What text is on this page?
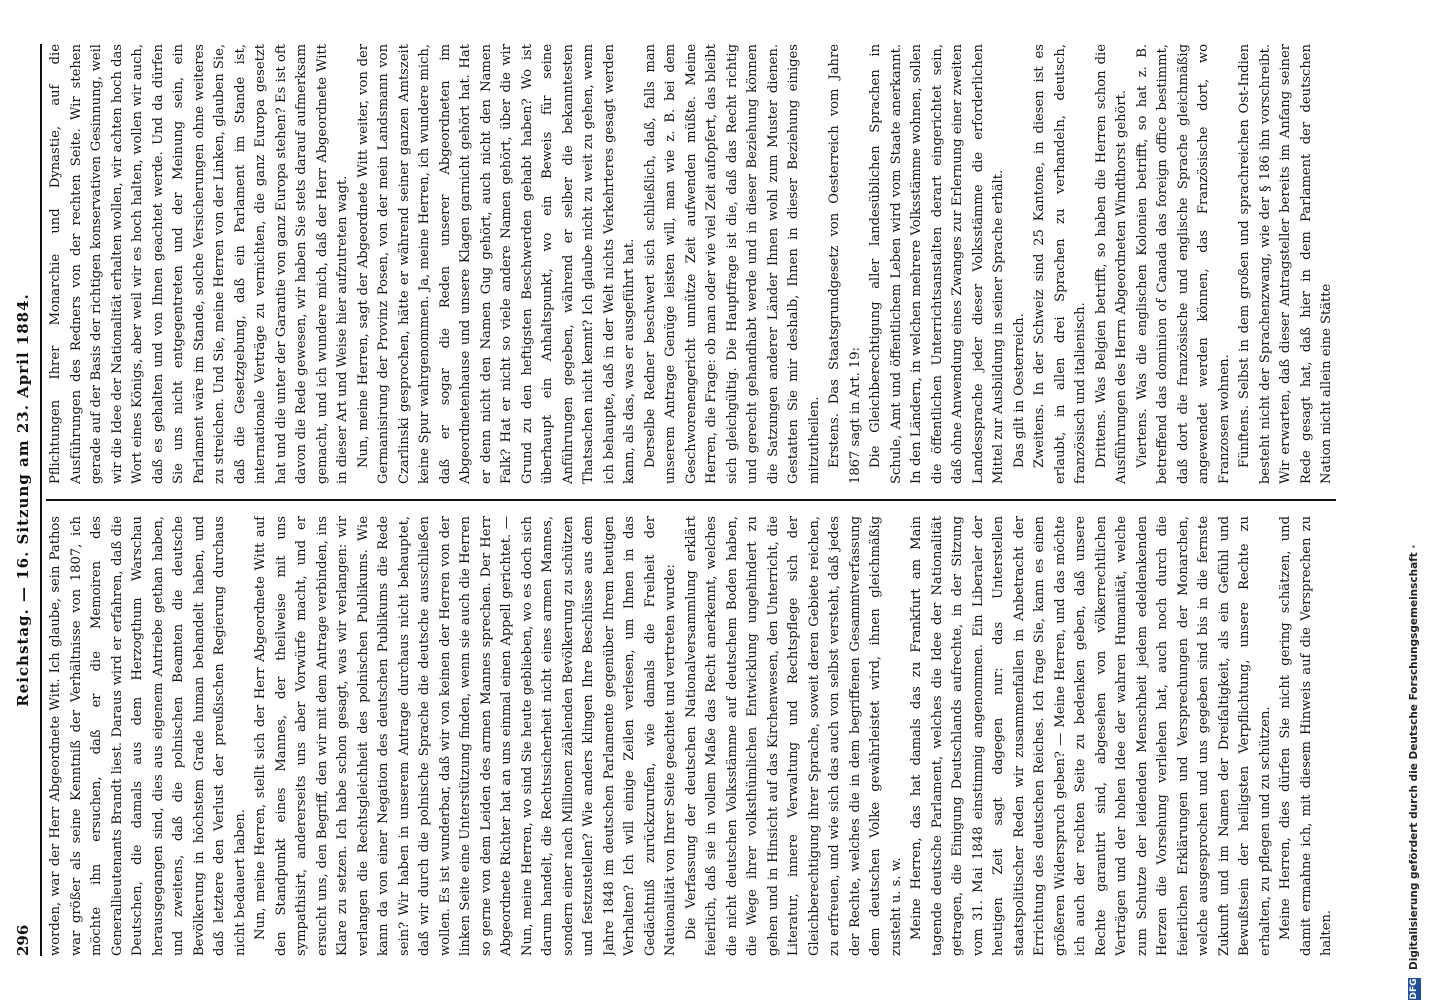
296
Reichstag. — 16. Sitzung am 23. April 1884.

worden, war der Herr Abgeordnete Witt. Ich glaube, sein Pathos war größer als seine Kenntniß der Verhältnisse von 1807, ich möchte ihn ersuchen, daß er die Memoiren des Generallieutenants Brandt liest. Daraus wird er erfahren, daß die Deutschen, die damals aus dem Herzogthum Warschau herausgegangen sind, dies aus eigenem Antriebe gethan haben, und zweitens, daß die polnischen Beamten die deutsche Bevölkerung in höchstem Grade human behandelt haben, und daß letztere den Verlust der preußischen Regierung durchaus nicht bedauert haben. Nun, meine Herren, stellt sich der Herr Abgeordnete Witt auf den Standpunkt eines Mannes, der theilweise mit uns sympathisirt, andererseits uns aber Vorwürfe macht, und er ersucht uns, den Begriff, den wir mit dem Antrage verbinden, ins Klare zu setzen. Ich habe schon gesagt, was wir verlangen: wir verlangen die Rechtsgleichheit des polnischen Publikums. Wie kann da von einer Negation des deutschen Publikums die Rede sein? Wir haben in unserem Antrage durchaus nicht behauptet, daß wir durch die polnische Sprache die deutsche ausschließen wollen. Es ist wunderbar, daß wir von keinen der Herren von der linken Seite eine Unterstützung finden, wenn sie auch die Herren so gerne von dem Leiden des armen Mannes sprechen. Der Herr Abgeordnete Richter hat an uns einmal einen Appell gerichtet. — Nun, meine Herren, wo sind Sie heute geblieben, wo es doch sich darum handelt, die Rechtssicherheit nicht eines armen Mannes, sondern einer nach Millionen zählenden Bevölkerung zu schützen und festzustellen? Wie anders klingen Ihre Beschlüsse aus dem Jahre 1848 im deutschen Parlamente gegenüber Ihrem heutigen Verhalten? Ich will einige Zeilen verlesen, um Ihnen in das Gedächtniß zurückzurufen, wie damals die Freiheit der Nationalität von Ihrer Seite geachtet und vertreten wurde: Die Verfassung der deutschen Nationalversammlung erklärt feierlich, daß sie in vollem Maße das Recht anerkennt, welches die nicht deutschen Volksstämme auf deutschem Boden haben, die Wege ihrer volksthümlichen Entwicklung ungehindert zu gehen und in Hinsicht auf das Kirchenwesen, den Unterricht, die Literatur, innere Verwaltung und Rechtspflege sich der Gleichberechtigung ihrer Sprache, soweit deren Gebiete reichen, zu erfreuen, und wie sich das auch von selbst versteht, daß jedes der Rechte, welches die in dem begriffenen Gesammtverfassung dem deutschen Volke gewährleistet wird, ihnen gleichmäßig zusteht u. s. w. Meine Herren, das hat damals das zu Frankfurt am Main tagende deutsche Parlament, welches die Idee der Nationalität getragen, die Einigung Deutschlands aufrechte, in der Sitzung vom 31. Mai 1848 einstimmig angenommen. Ein Liberaler der heutigen Zeit sagt dagegen nur: das Unterstellen staatspolitischer Reden wir zusammenfallen in Anbetracht der Errichtung des deutschen Reiches. Ich frage Sie, kann es einen größeren Widerspruch geben? — Meine Herren, und das möchte ich auch der rechten Seite zu bedenken geben, daß unsere Rechte garantirt sind, abgesehen von völkerrechtlichen Verträgen und der hohen Idee der wahren Humanität, welche zum Schutze der leidenden Menschheit jedem edeldenkenden Herzen die Vorsehung verliehen hat, auch noch durch die feierlichen Erklärungen und Versprechungen der Monarchen, welche ausgesprochen und uns gegeben sind bis in die fernste Zukunft und im Namen der Dreifaltigkeit, als ein Gefühl und Bewußtsein der heiligsten Verpflichtung, unsere Rechte zu erhalten, zu pflegen und zu schützen. Meine Herren, dies dürfen Sie nicht gering schätzen, und damit ermahne ich, mit diesem Hinweis auf die Versprechen zu halten.

Pflichtungen Ihrer Monarchie und Dynastie, auf die Ausführungen des Redners von der rechten Seite. Wir stehen gerade auf der Basis der richtigen konservativen Gesinnung, weil wir die Idee der Nationalität erhalten wollen, wir achten hoch das Wort eines Königs, aber weil wir es hoch halten, wollen wir auch, daß es gehalten und von Ihnen geachtet werde. Und da dürfen Sie uns nicht entgegentreten und der Meinung sein, ein Parlament wäre im Stande, solche Versicherungen ohne weiteres zu streichen. Und Sie, meine Herren von der Linken, glauben Sie, daß die Gesetzgebung, daß ein Parlament im Stande ist, internationale Verträge zu vernichten, die ganz Europa gesetzt hat und die unter der Garantie von ganz Europa stehen? Es ist oft davon die Rede gewesen, wir haben Sie stets darauf aufmerksam gemacht, und ich wundere mich, daß der Herr Abgeordnete Witt in dieser Art und Weise hier aufzutreten wagt. Nun, meine Herren, sagt der Abgeordnete Witt weiter, von der Germanisirung der Provinz Posen, von der mein Landsmann von Czarlinski gesprochen, hätte er während seiner ganzen Amtszeit keine Spur wahrgenommen. Ja, meine Herren, ich wundere mich, daß er sogar die Reden unserer Abgeordneten im Abgeordnetenhause und unsere Klagen garnicht gehört hat. Hat er denn nicht den Namen Gug gehört, auch nicht den Namen Falk? Hat er nicht so viele andere Namen gehört, über die wir Grund zu den heftigsten Beschwerden gehabt haben? Wo ist überhaupt ein Anhaltspunkt, wo ein Beweis für seine Anführungen gegeben, während er selber die bekanntesten Thatsachen nicht kennt? Ich glaube nicht zu weit zu gehen, wenn ich behaupte, daß in der Welt nichts Verkehrteres gesagt werden kann, als das, was er ausgeführt hat. Derselbe Redner beschwert sich schließlich, daß, falls man unserem Antrage Genüge leisten will, man wie z. B. bei dem Geschworenengericht unnütze Zeit aufwenden müßte. Meine Herren, die Frage: ob man oder wie viel Zeit aufopfert, das bleibt sich gleichgültig. Die Hauptfrage ist die, daß das Recht richtig und gerecht gehandhabt werde und in dieser Beziehung können die Satzungen anderer Länder Ihnen wohl zum Muster dienen. Gestatten Sie mir deshalb, Ihnen in dieser Beziehung einiges mitzutheilen. Erstens. Das Staatsgrundgesetz von Oesterreich vom Jahre 1867 sagt in Art. 19: Die Gleichberechtigung aller landesüblichen Sprachen in Schule, Amt und öffentlichem Leben wird vom Staate anerkannt. In den Ländern, in welchen mehrere Volksstämme wohnen, sollen die öffentlichen Unterrichtsanstalten derart eingerichtet sein, daß ohne Anwendung eines Zwanges zur Erlernung einer zweiten Landessprache jeder dieser Volksstämme die erforderlichen Mittel zur Ausbildung in seiner Sprache erhält. Das gilt in Oesterreich. Zweitens. In der Schweiz sind 25 Kantone, in diesen ist es erlaubt, in allen drei Sprachen zu verhandeln, deutsch, französisch und italienisch. Drittens. Was Belgien betrifft, so haben die Herren schon die Ausführungen des Herrn Abgeordneten Windthorst gehört. Viertens. Was die englischen Kolonien betrifft, so hat z. B. betreffend das dominion of Canada das foreign office bestimmt, daß dort die französische und englische Sprache gleichmäßig angewendet werden können, das Französische dort, wo Franzosen wohnen. Fünftens. Selbst in dem großen und sprachreichen Ost-Indien besteht nicht der Sprachenzwang, wie der § 186 ihn vorschreibt. Wir erwarten, daß dieser Antragsteller bereits im Anfang seiner Rede gesagt hat, daß hier in dem Parlament der deutschen Nation nicht allein eine Stätte

DFG
Digitalisierung gefördert durch die Deutsche Forschungsgemeinschaft ·
